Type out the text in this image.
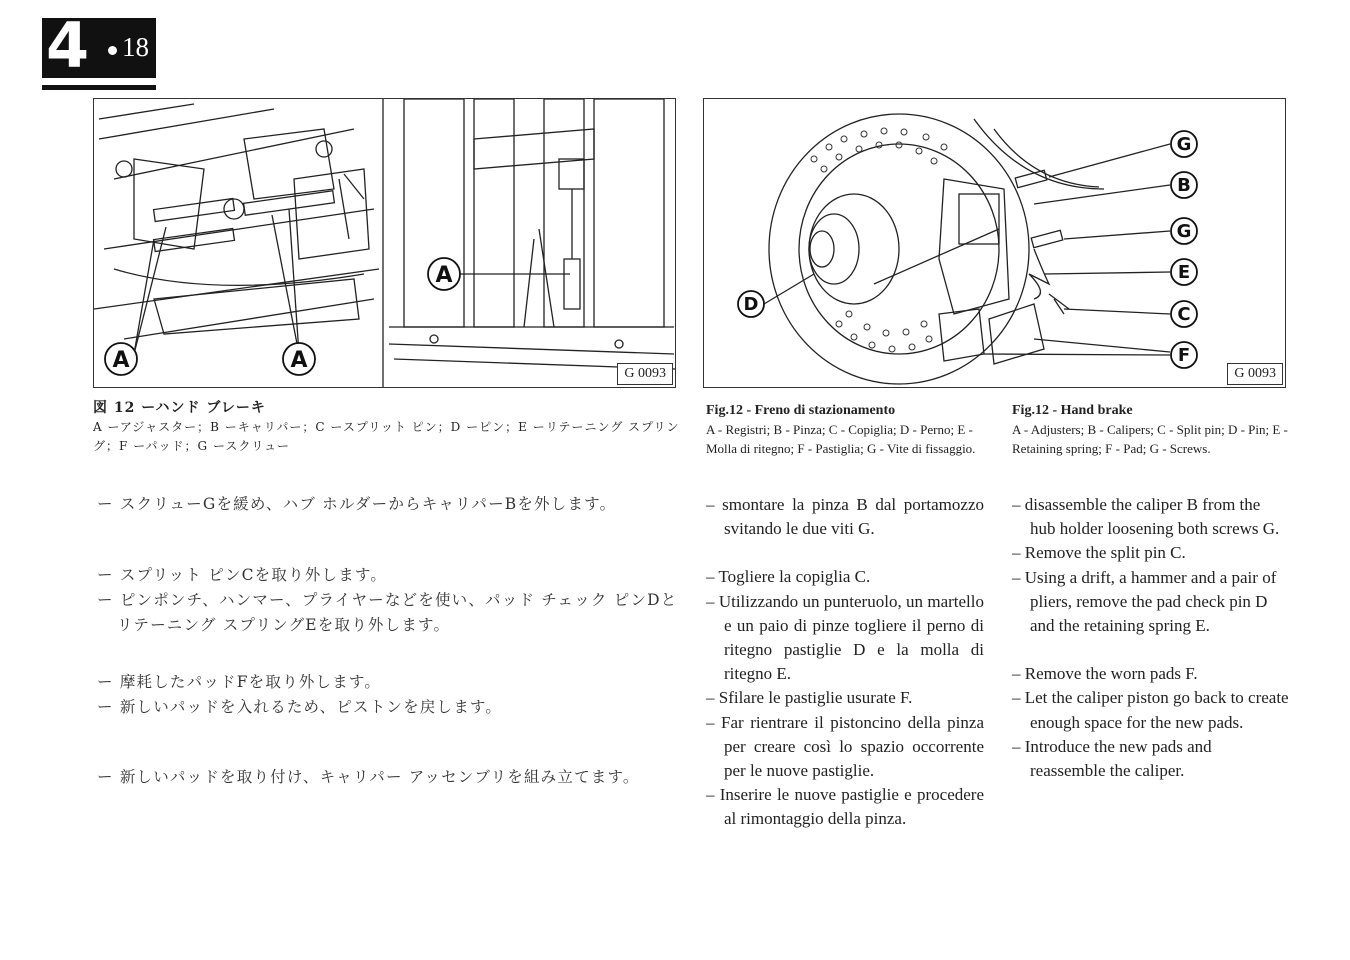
4 18
A	A
A
G 0093
G
B
G
E
C
F
D
G 0093
図 12 ーハンド ブレーキ
A ーアジャスター；B ーキャリパー；C ースプリット ピン；D ーピン；E ーリテーニング スプリング；F ーパッド；G ースクリュー
Fig.12 - Freno di stazionamento
A - Registri; B - Pinza; C - Copiglia; D - Perno; E - Molla di ritegno; F - Pastiglia; G - Vite di fissaggio.
Fig.12 - Hand brake
A - Adjusters; B - Calipers; C - Split pin; D - Pin; E - Retaining spring; F - Pad; G - Screws.

ー スクリューGを緩め、ハブ ホルダーからキャリパーBを外します。

ー スプリット ピンCを取り外します。

ー ピンポンチ、ハンマー、プライヤーなどを使い、パッド チェック ピンDとリテーニング スプリングEを取り外します。

ー 摩耗したパッドFを取り外します。

ー 新しいパッドを入れるため、ピストンを戻します。

ー 新しいパッドを取り付け、キャリパー アッセンブリを組み立てます。

– smontare la pinza B dal portamozzo svitando le due viti G.

– Togliere la copiglia C.

– Utilizzando un punteruolo, un martello e un paio di pinze togliere il perno di ritegno pastiglie D e la molla di ritegno E.

– Sfilare le pastiglie usurate F.

– Far rientrare il pistoncino della pinza per creare così lo spazio occorrente per le nuove pastiglie.

– Inserire le nuove pastiglie e procedere al rimontaggio della pinza.

– disassemble the caliper B from the hub holder loosening both screws G.

– Remove the split pin C.

– Using a drift, a hammer and a pair of pliers, remove the pad check pin D and the retaining spring E.

– Remove the worn pads F.

– Let the caliper piston go back to create enough space for the new pads.

– Introduce the new pads and reassemble the caliper.
